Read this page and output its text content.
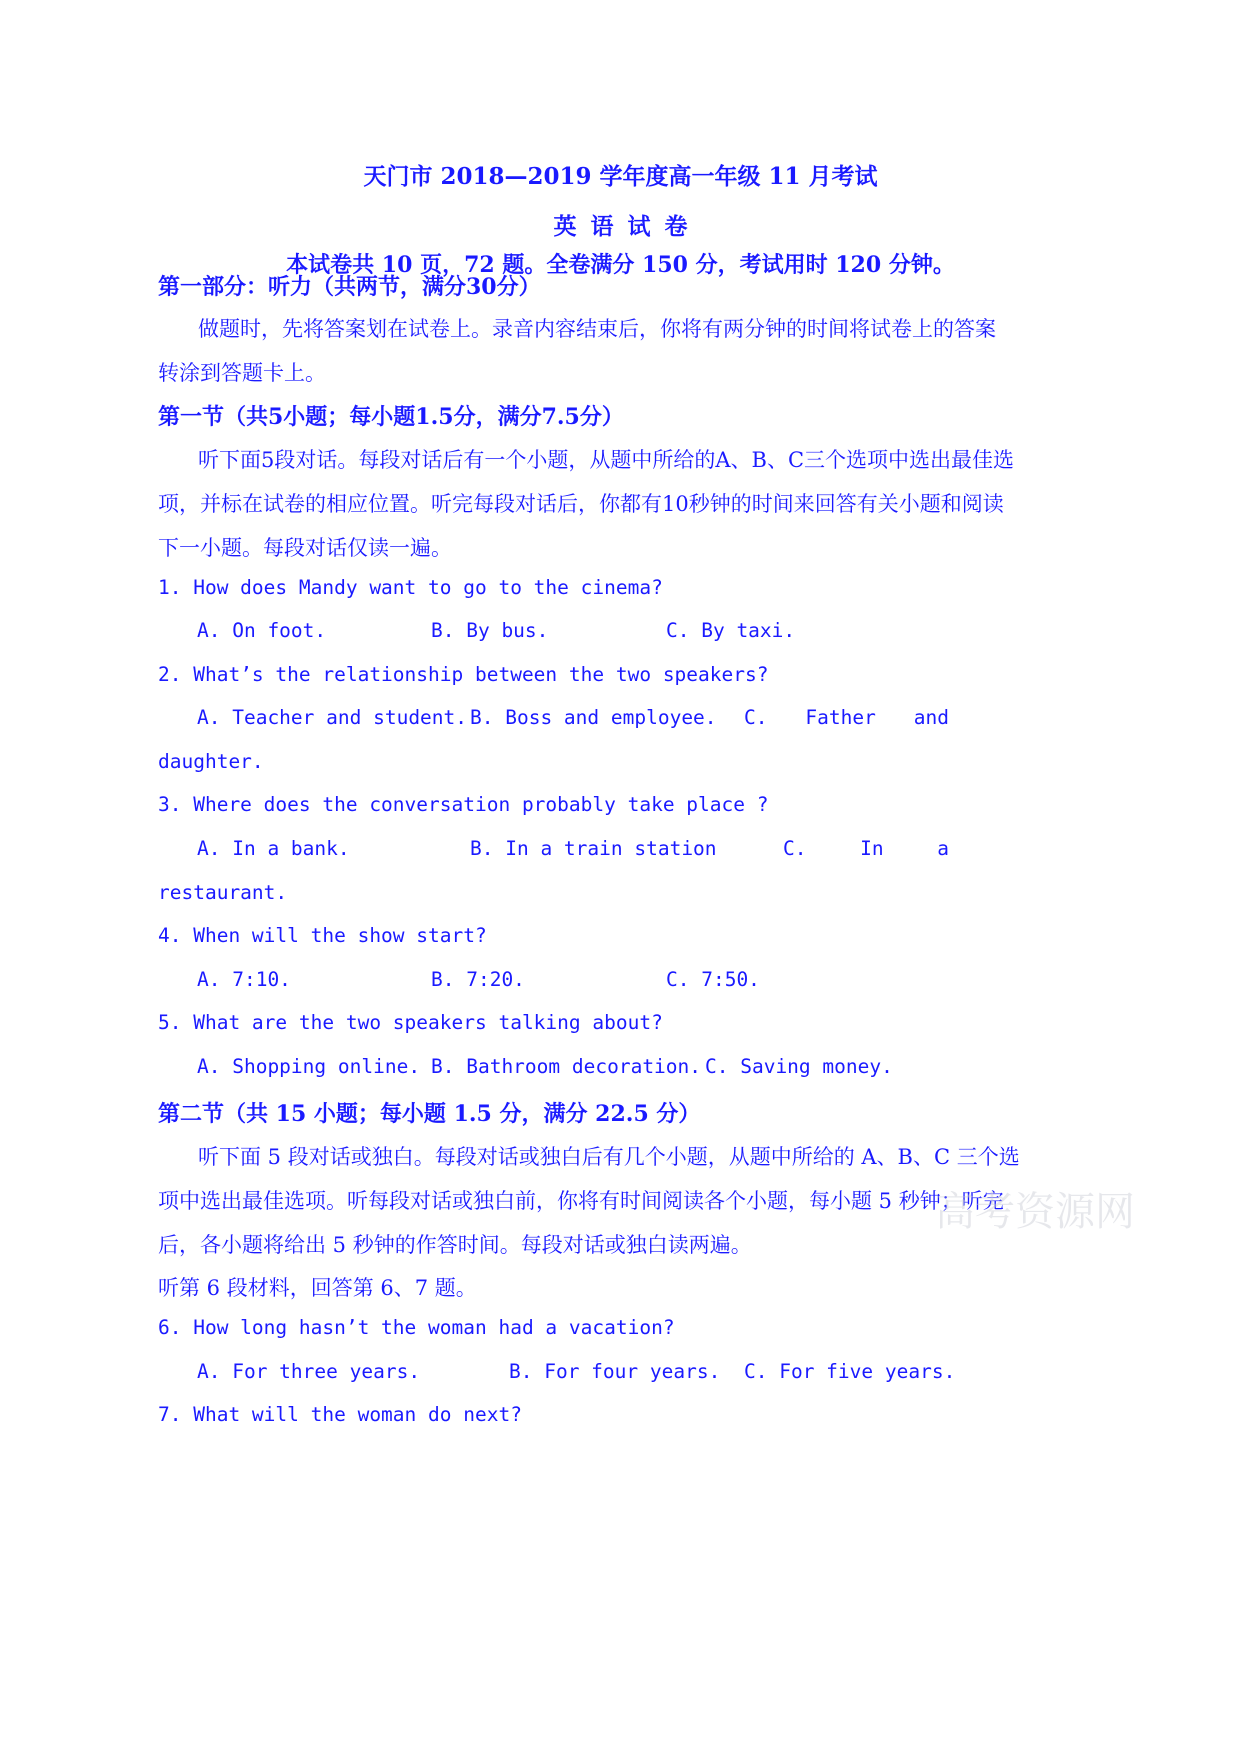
天门市 2018—2019 学年度高一年级 11 月考试
英语试卷
本试卷共 10 页，72 题。全卷满分 150 分，考试用时 120 分钟。
第一部分：听力（共两节，满分30分）
做题时，先将答案划在试卷上。录音内容结束后，你将有两分钟的时间将试卷上的答案
转涂到答题卡上。
第一节（共5小题；每小题1.5分，满分7.5分）
听下面5段对话。每段对话后有一个小题，从题中所给的A、B、C三个选项中选出最佳选
项，并标在试卷的相应位置。听完每段对话后，你都有10秒钟的时间来回答有关小题和阅读
下一小题。每段对话仅读一遍。
1. How does Mandy want to go to the cinema?
A. On foot.	B. By bus.	C. By taxi.
2. What’s the relationship between the two speakers?
A. Teacher and student. B. Boss and employee. C. Father and
daughter.
3. Where does the conversation probably take place ?
A. In a bank.	B. In a train station	C.	In	a
restaurant.
4. When will the show start?
A. 7:10.	B. 7:20.	C. 7:50.
5. What are the two speakers talking about?
A. Shopping online. B. Bathroom decoration. C. Saving money.
第二节（共 15 小题；每小题 1.5 分，满分 22.5 分）
听下面 5 段对话或独白。每段对话或独白后有几个小题，从题中所给的 A、B、C 三个选
项中选出最佳选项。听每段对话或独白前，你将有时间阅读各个小题，每小题 5 秒钟；听完
后，各小题将给出 5 秒钟的作答时间。每段对话或独白读两遍。
听第 6 段材料，回答第 6、7 题。
6. How long hasn’t the woman had a vacation?
A. For three years.	B. For four years. C. For five years.
7. What will the woman do next?
高考资源网
